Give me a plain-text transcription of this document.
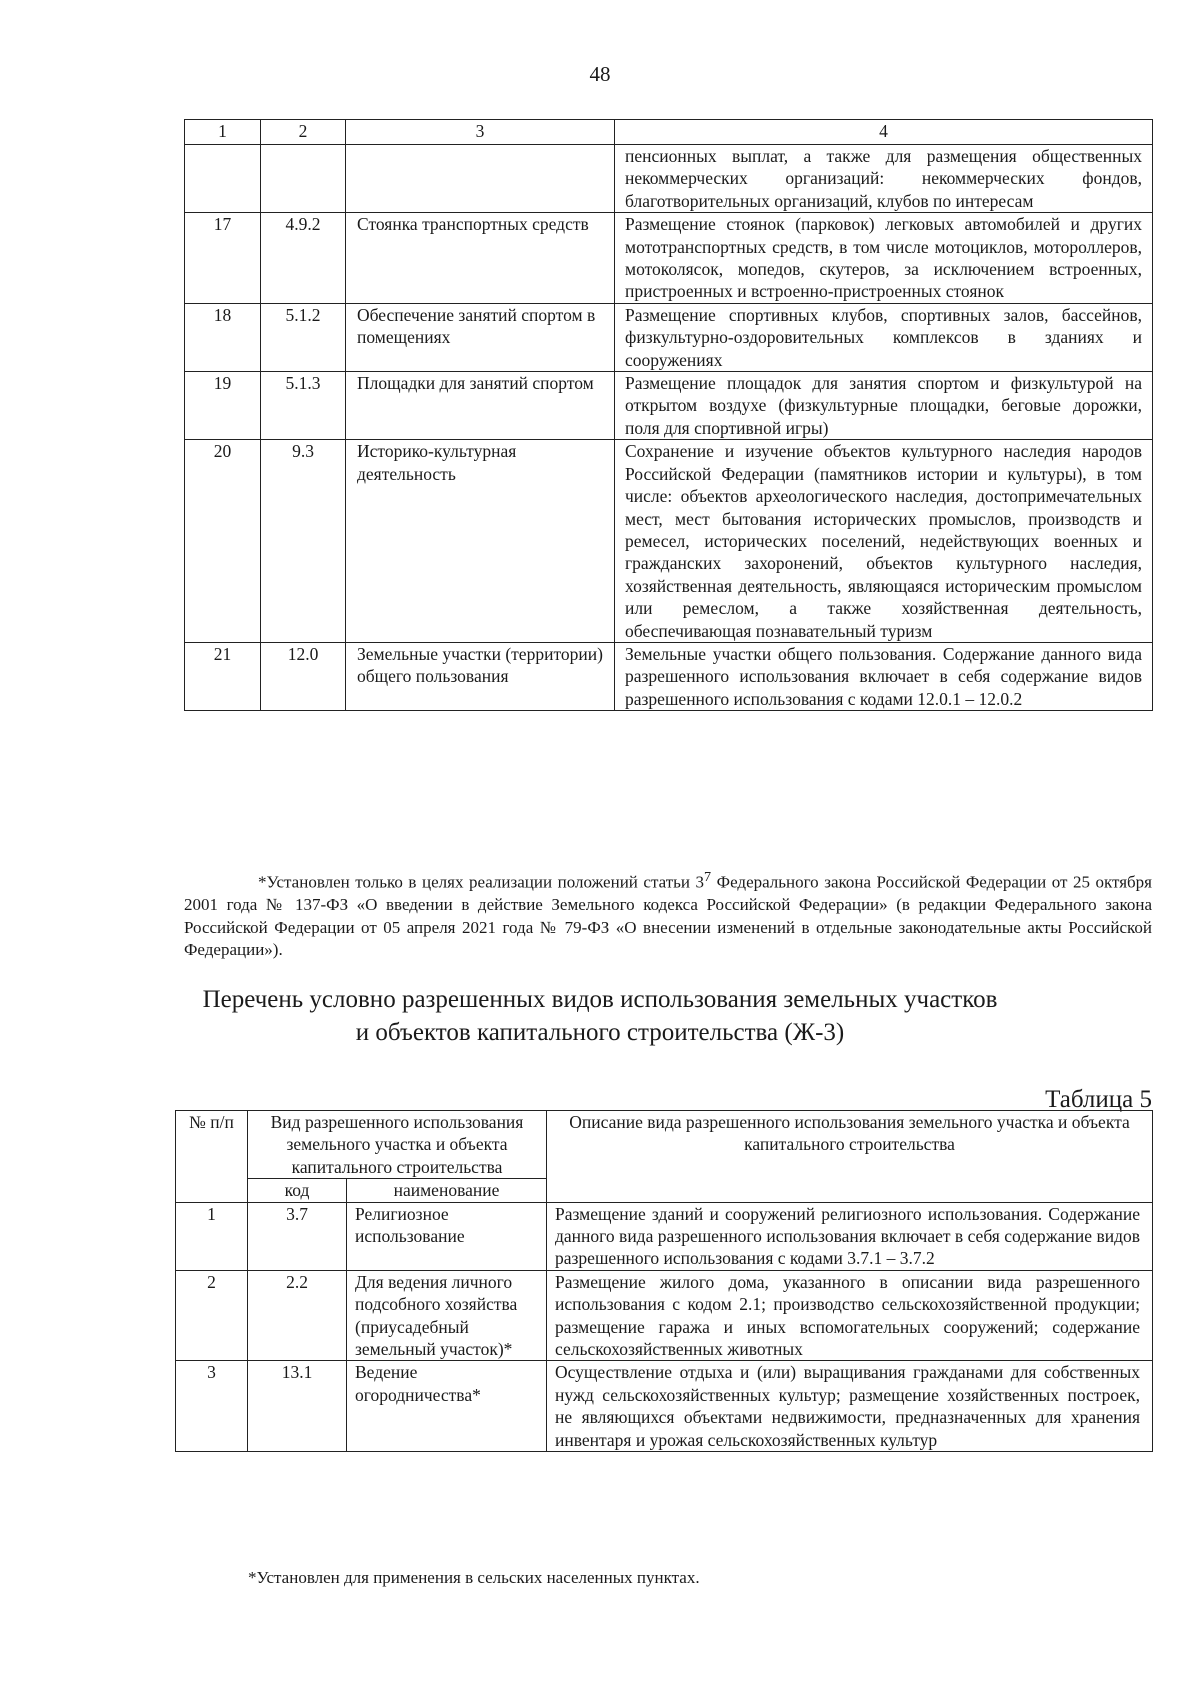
48
1	2	3	4
			пенсионных выплат, а также для размещения общественных некоммерческих организаций: некоммерческих фондов, благотворительных организаций, клубов по интересам
17	4.9.2	Стоянка транспортных средств	Размещение стоянок (парковок) легковых автомобилей и других мототранспортных средств, в том числе мотоциклов, мотороллеров, мотоколясок, мопедов, скутеров, за исключением встроенных, пристроенных и встроенно-пристроенных стоянок
18	5.1.2	Обеспечение занятий спортом в помещениях	Размещение спортивных клубов, спортивных залов, бассейнов, физкультурно-оздоровительных комплексов в зданиях и сооружениях
19	5.1.3	Площадки для занятий спортом	Размещение площадок для занятия спортом и физкультурой на открытом воздухе (физкультурные площадки, беговые дорожки, поля для спортивной игры)
20	9.3	Историко-культурная деятельность	Сохранение и изучение объектов культурного наследия народов Российской Федерации (памятников истории и культуры), в том числе: объектов археологического наследия, достопримечательных мест, мест бытования исторических промыслов, производств и ремесел, исторических поселений, недействующих военных и гражданских захоронений, объектов культурного наследия, хозяйственная деятельность, являющаяся историческим промыслом или ремеслом, а также хозяйственная деятельность, обеспечивающая познавательный туризм
21	12.0	Земельные участки (территории) общего пользования	Земельные участки общего пользования. Содержание данного вида разрешенного использования включает в себя содержание видов разрешенного использования с кодами 12.0.1 – 12.0.2

*Установлен только в целях реализации положений статьи $3^7$ Федерального закона Российской Федерации от 25 октября 2001 года № 137-ФЗ «О введении в действие Земельного кодекса Российской Федерации» (в редакции Федерального закона Российской Федерации от 05 апреля 2021 года № 79-ФЗ «О внесении изменений в отдельные законодательные акты Российской Федерации»).

Перечень условно разрешенных видов использования земельных участков
и объектов капитального строительства (Ж-3)
Таблица 5
№ п/п	Вид разрешенного использования земельного участка и объекта капитального строительства		Описание вида разрешенного использования земельного участка и объекта капитального строительства
	код	наименование	
1	3.7	Религиозное использование	Размещение зданий и сооружений религиозного использования. Содержание данного вида разрешенного использования включает в себя содержание видов разрешенного использования с кодами 3.7.1 – 3.7.2
2	2.2	Для ведения личного подсобного хозяйства (приусадебный земельный участок)*	Размещение жилого дома, указанного в описании вида разрешенного использования с кодом 2.1; производство сельскохозяйственной продукции; размещение гаража и иных вспомогательных сооружений; содержание сельскохозяйственных животных
3	13.1	Ведение огородничества*	Осуществление отдыха и (или) выращивания гражданами для собственных нужд сельскохозяйственных культур; размещение хозяйственных построек, не являющихся объектами недвижимости, предназначенных для хранения инвентаря и урожая сельскохозяйственных культур
*Установлен для применения в сельских населенных пунктах.
